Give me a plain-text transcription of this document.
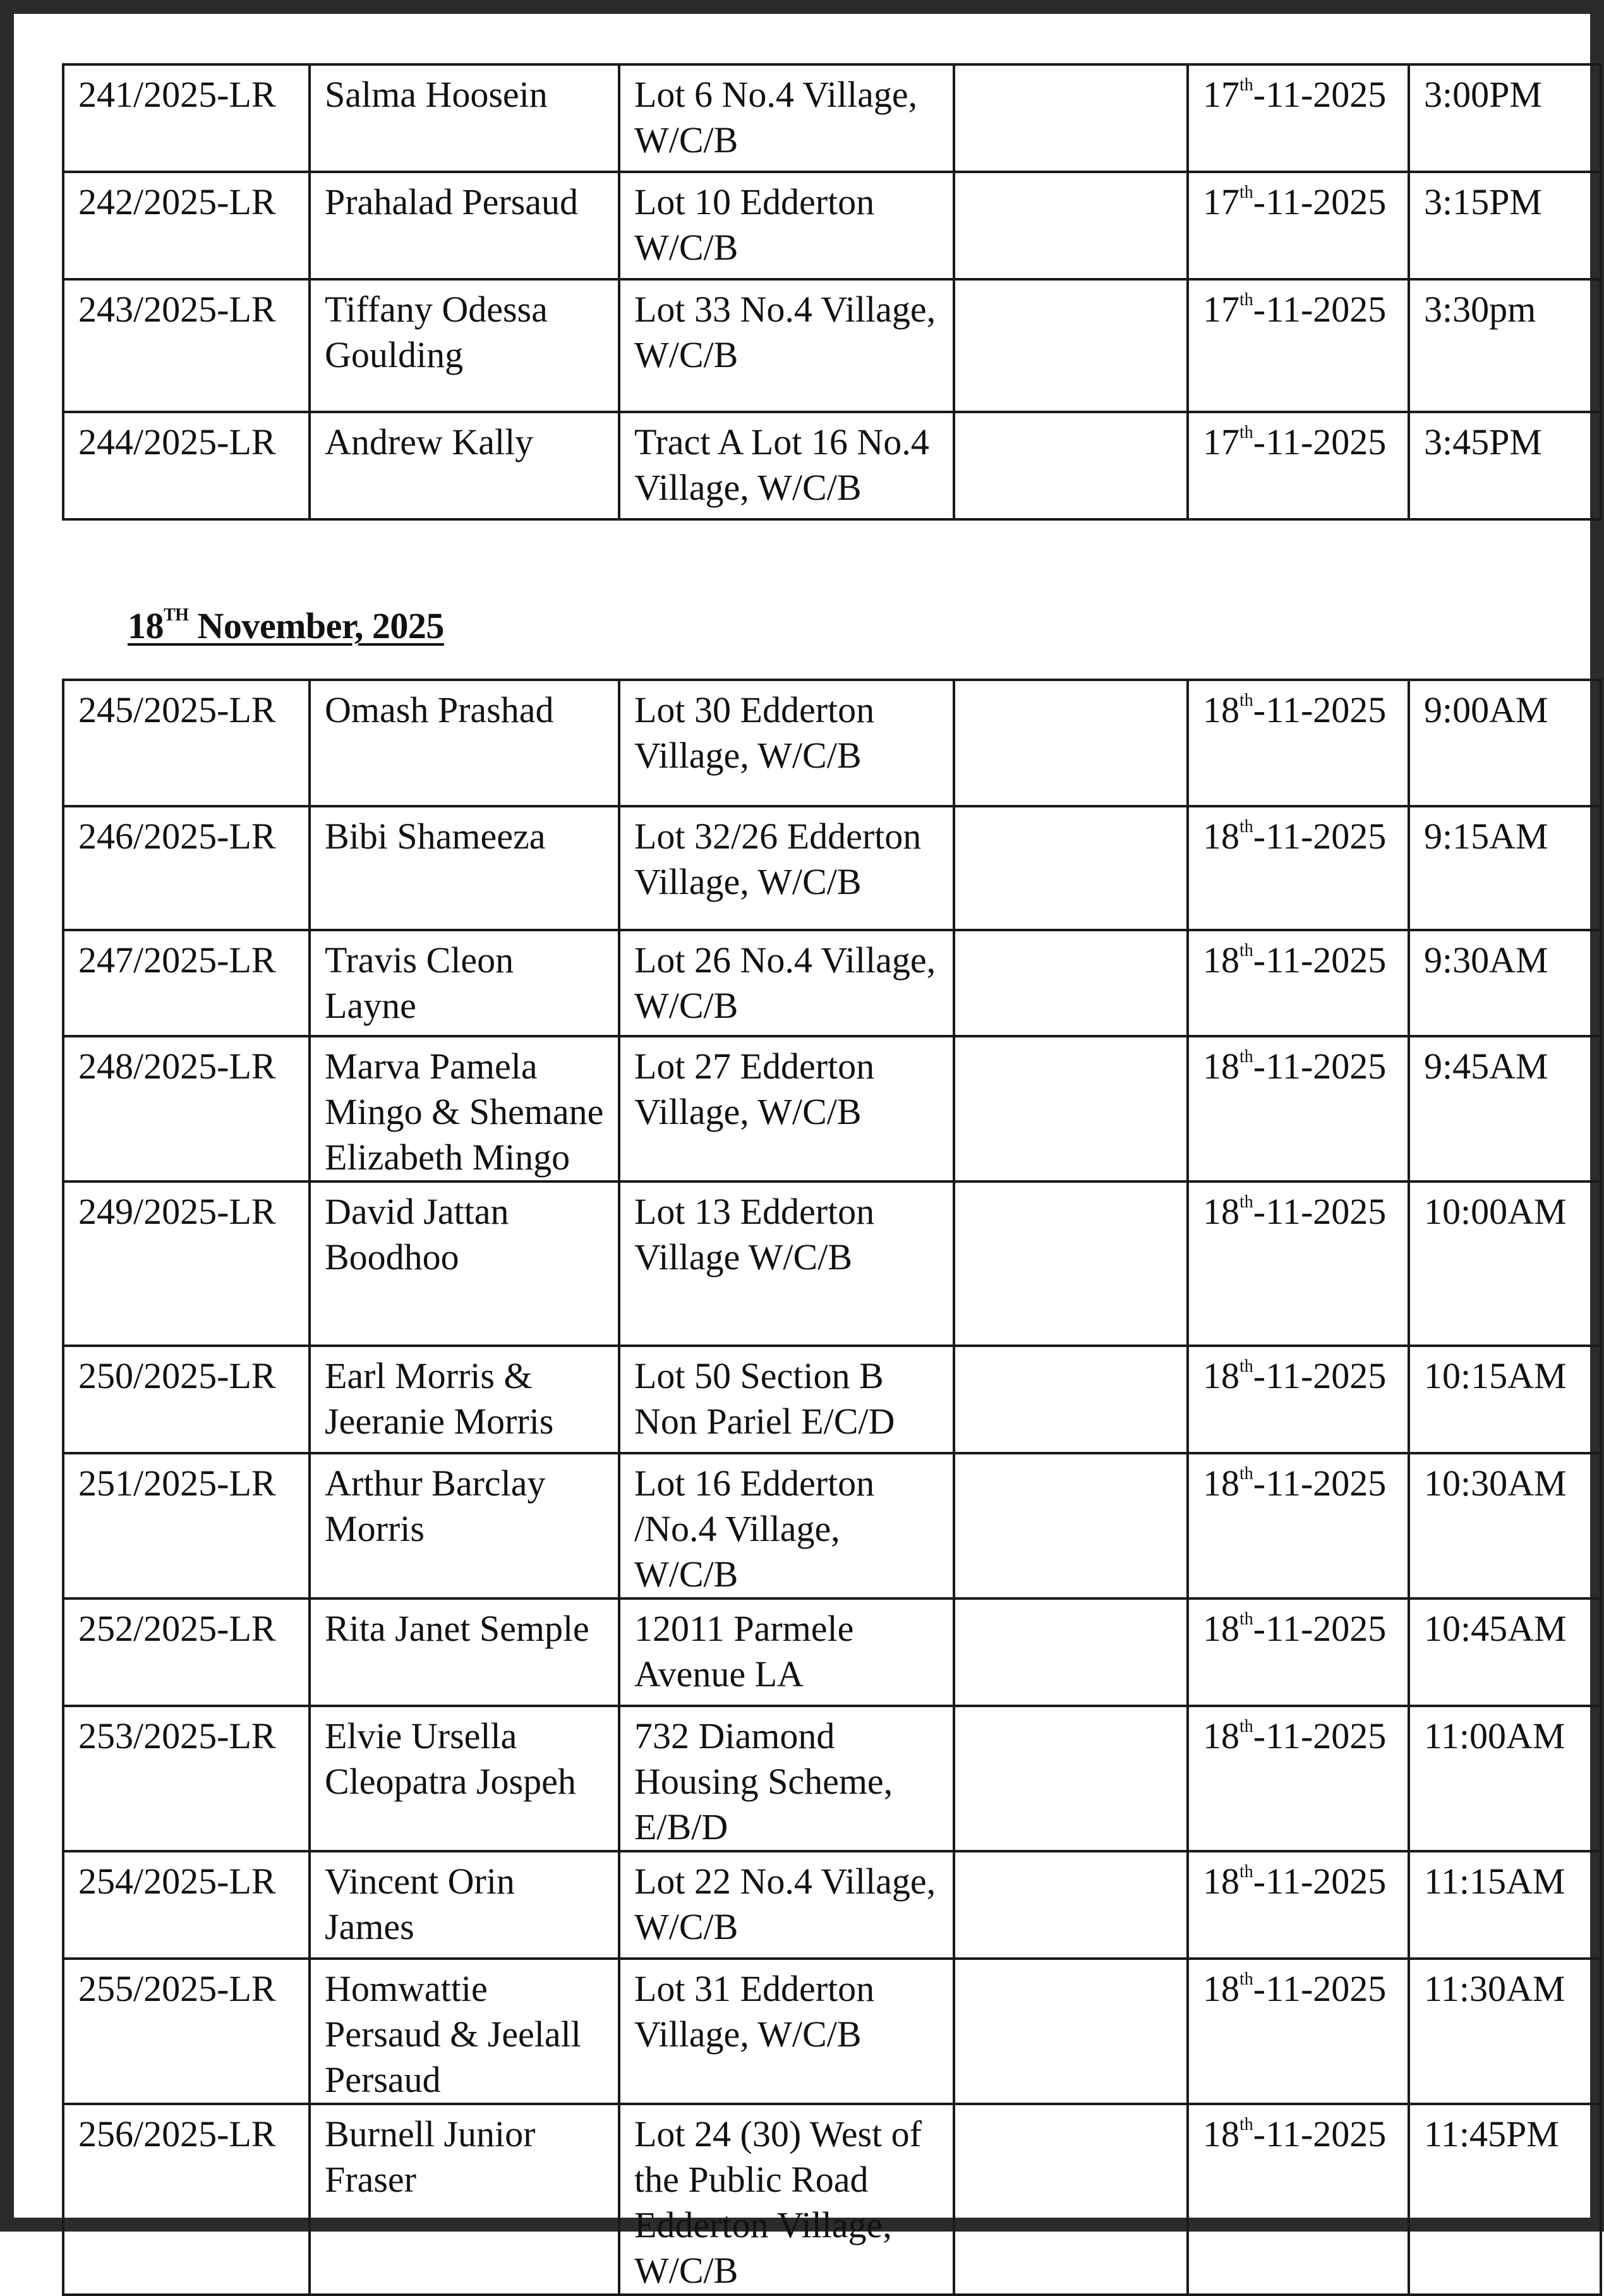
241/2025-LR	Salma Hoosein	Lot 6 No.4 Village, W/C/B		17th-11-2025	3:00PM
242/2025-LR	Prahalad Persaud	Lot 10 Edderton W/C/B		17th-11-2025	3:15PM
243/2025-LR	Tiffany Odessa Goulding	Lot 33 No.4 Village, W/C/B		17th-11-2025	3:30pm
244/2025-LR	Andrew Kally	Tract A Lot 16 No.4 Village, W/C/B		17th-11-2025	3:45PM
18TH November, 2025
245/2025-LR	Omash Prashad	Lot 30 Edderton Village, W/C/B		18th-11-2025	9:00AM
246/2025-LR	Bibi Shameeza	Lot 32/26 Edderton Village, W/C/B		18th-11-2025	9:15AM
247/2025-LR	Travis Cleon Layne	Lot 26 No.4 Village, W/C/B		18th-11-2025	9:30AM
248/2025-LR	Marva Pamela Mingo & Shemane Elizabeth Mingo	Lot 27 Edderton Village, W/C/B		18th-11-2025	9:45AM
249/2025-LR	David Jattan Boodhoo	Lot 13 Edderton Village W/C/B		18th-11-2025	10:00AM
250/2025-LR	Earl Morris & Jeeranie Morris	Lot 50 Section B Non Pariel E/C/D		18th-11-2025	10:15AM
251/2025-LR	Arthur Barclay Morris	Lot 16 Edderton /No.4 Village, W/C/B		18th-11-2025	10:30AM
252/2025-LR	Rita Janet Semple	12011 Parmele Avenue LA		18th-11-2025	10:45AM
253/2025-LR	Elvie Ursella Cleopatra Jospeh	732 Diamond Housing Scheme, E/B/D		18th-11-2025	11:00AM
254/2025-LR	Vincent Orin James	Lot 22 No.4 Village, W/C/B		18th-11-2025	11:15AM
255/2025-LR	Homwattie Persaud & Jeelall Persaud	Lot 31 Edderton Village, W/C/B		18th-11-2025	11:30AM
256/2025-LR	Burnell Junior Fraser	Lot 24 (30) West of the Public Road Edderton Village, W/C/B		18th-11-2025	11:45PM
